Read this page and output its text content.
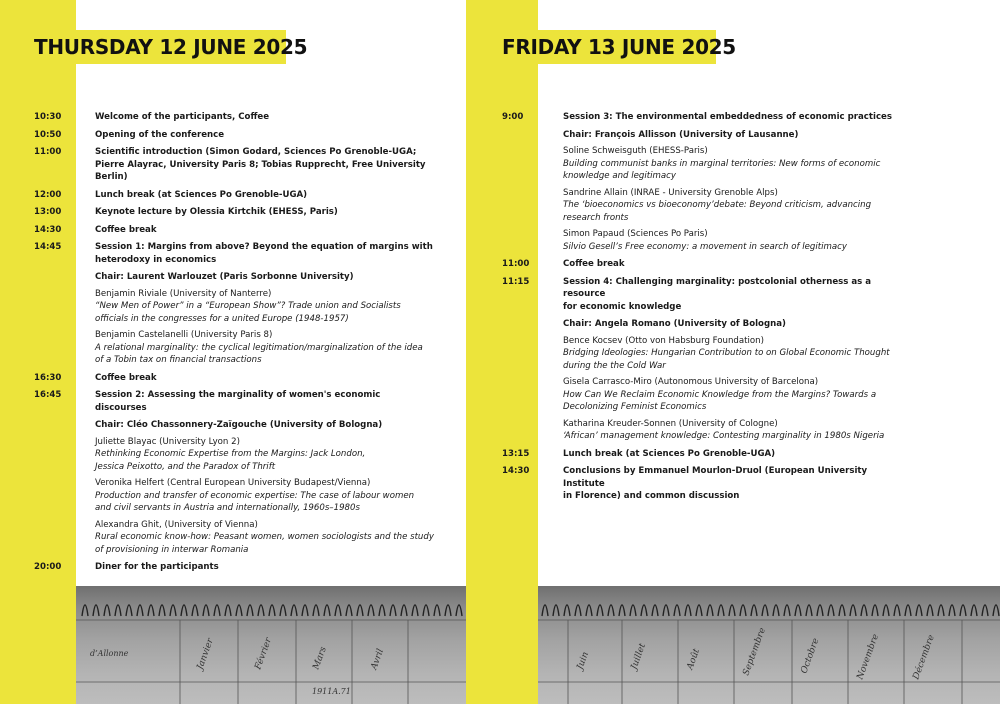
THURSDAY 12 JUNE 2025
10:30	Welcome of the participants, Coffee
10:50	Opening of the conference
11:00	Scientific introduction (Simon Godard, Sciences Po Grenoble-UGA;
Pierre Alayrac, University Paris 8; Tobias Rupprecht, Free University Berlin)
12:00	Lunch break (at Sciences Po Grenoble-UGA)
13:00	Keynote lecture by Olessia Kirtchik (EHESS, Paris)
14:30	Coffee break
14:45	Session 1: Margins from above? Beyond the equation of margins with
heterodoxy in economics
Chair: Laurent Warlouzet (Paris Sorbonne University)
Benjamin Riviale (University of Nanterre)
“New Men of Power” in a “European Show”? Trade union and Socialists
officials in the congresses for a united Europe (1948-1957)
Benjamin Castelanelli (University Paris 8)
A relational marginality: the cyclical legitimation/marginalization of the idea
of a Tobin tax on financial transactions
16:30	Coffee break
16:45	Session 2: Assessing the marginality of women's economic discourses
Chair: Cléo Chassonnery-Zaïgouche (University of Bologna)
Juliette Blayac (University Lyon 2)
Rethinking Economic Expertise from the Margins: Jack London,
Jessica Peixotto, and the Paradox of Thrift
Veronika Helfert (Central European University Budapest/Vienna)
Production and transfer of economic expertise: The case of labour women
and civil servants in Austria and internationally, 1960s–1980s
Alexandra Ghit, (University of Vienna)
Rural economic know-how: Peasant women, women sociologists and the study
of provisioning in interwar Romania
20:00	Diner for the participants
Janvier	Février	Mars	Avril
d’Allonne
1911A.71
FRIDAY 13 JUNE 2025
9:00	Session 3: The environmental embeddedness of economic practices
Chair: François Allisson (University of Lausanne)
Soline Schweisguth (EHESS-Paris)
Building communist banks in marginal territories: New forms of economic
knowledge and legitimacy
Sandrine Allain (INRAE - University Grenoble Alps)
The ‘bioeconomics vs bioeconomy’debate: Beyond criticism, advancing
research fronts
Simon Papaud (Sciences Po Paris)
Silvio Gesell’s Free economy: a movement in search of legitimacy
11:00	Coffee break
11:15	Session 4: Challenging marginality: postcolonial otherness as a resource
for economic knowledge
Chair: Angela Romano (University of Bologna)
Bence Kocsev (Otto von Habsburg Foundation)
Bridging Ideologies: Hungarian Contribution to on Global Economic Thought
during the the Cold War
Gisela Carrasco-Miro (Autonomous University of Barcelona)
How Can We Reclaim Economic Knowledge from the Margins? Towards a
Decolonizing Feminist Economics
Katharina Kreuder-Sonnen (University of Cologne)
‘African’ management knowledge: Contesting marginality in 1980s Nigeria
13:15	Lunch break (at Sciences Po Grenoble-UGA)
14:30	Conclusions by Emmanuel Mourlon-Druol (European University Institute
in Florence) and common discussion
Juin	Juillet	Août	Septembre	Octobre	Novembre	Décembre
